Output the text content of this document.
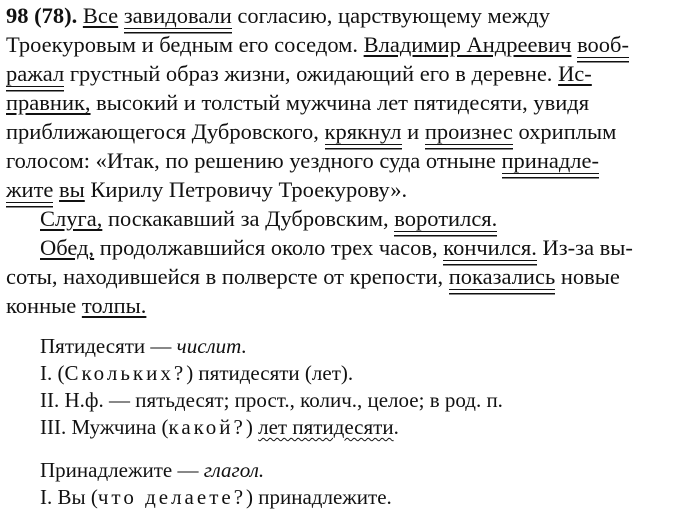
98 (78). Все завидовали согласию, царствующему между
Троекуровым и бедным его соседом. Владимир Андреевич вооб-
ражал грустный образ жизни, ожидающий его в деревне. Ис-
правник, высокий и толстый мужчина лет пятидесяти, увидя
приближающегося Дубровского, крякнул и произнес охриплым
голосом: «Итак, по решению уездного суда отныне принадле-
жите вы Кирилу Петровичу Троекурову».
Слуга, поскакавший за Дубровским, воротился.
Обед, продолжавшийся около трех часов, кончился. Из-за вы-
соты, находившейся в полверсте от крепости, показались новые
конные толпы.
Пятидесяти — числит.
I. (Скольких?) пятидесяти (лет).
II. Н.ф. — пятьдесят; прост., колич., целое; в род. п.
III. Мужчина (какой?) лет пятидесяти.
Принадлежите — глагол.
I. Вы (что делаете?) принадлежите.
